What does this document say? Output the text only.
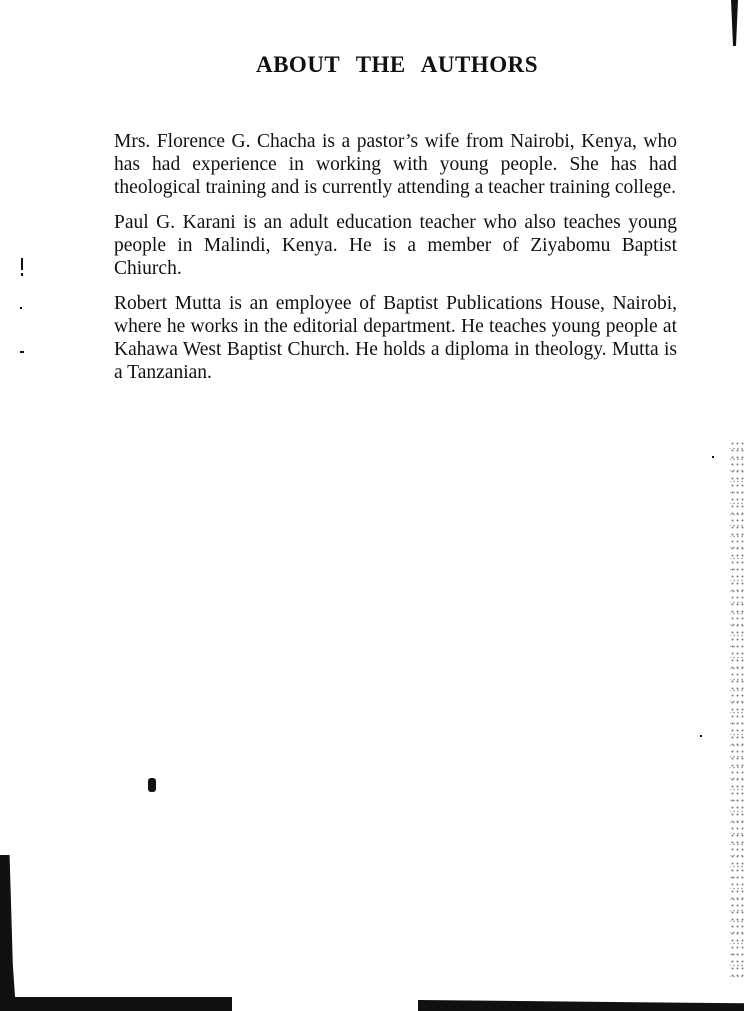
ABOUT THE AUTHORS

Mrs. Florence G. Chacha is a pastor’s wife from Nairobi, Kenya, who has had experience in working with young people. She has had theological training and is currently attending a teacher training college.

Paul G. Karani is an adult education teacher who also teaches young people in Malindi, Kenya. He is a member of Ziyabomu Baptist Chiurch.

Robert Mutta is an employee of Baptist Publications House, Nairobi, where he works in the editorial department. He teaches young people at Kahawa West Baptist Church. He holds a diploma in theology. Mutta is a Tanzanian.
